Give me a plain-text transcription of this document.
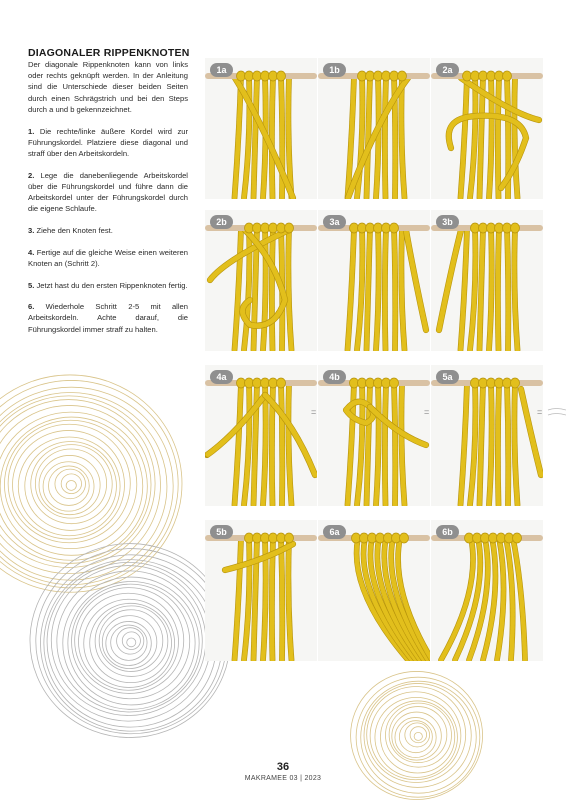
DIAGONALER RIPPENKNOTEN

Der diagonale Rippenknoten kann von links oder rechts geknüpft werden. In der Anleitung sind die Unterschiede dieser beiden Seiten durch einen Schrägstrich und bei den Steps durch a und b gekennzeichnet.

1. Die rechte/linke äußere Kordel wird zur Führungskordel. Platziere diese diagonal und straff über den Arbeitskordeln.

2. Lege die danebenliegende Arbeitskordel über die Führungskordel und führe dann die Arbeitskordel unter der Führungskordel durch die eigene Schlaufe.

3. Ziehe den Knoten fest.

4. Fertige auf die gleiche Weise einen weiteren Knoten an (Schritt 2).

5. Jetzt hast du den ersten Rippenknoten fertig.

6. Wiederhole Schritt 2-5 mit allen Arbeitskordeln. Achte darauf, die Führungskordel immer straff zu halten.

1a	1b	2a
2b	3a	3b
4a	4b	5a
5b	6a	6b
=	=	=
36
MAKRAMEE 03 | 2023
PassionForum.ru
